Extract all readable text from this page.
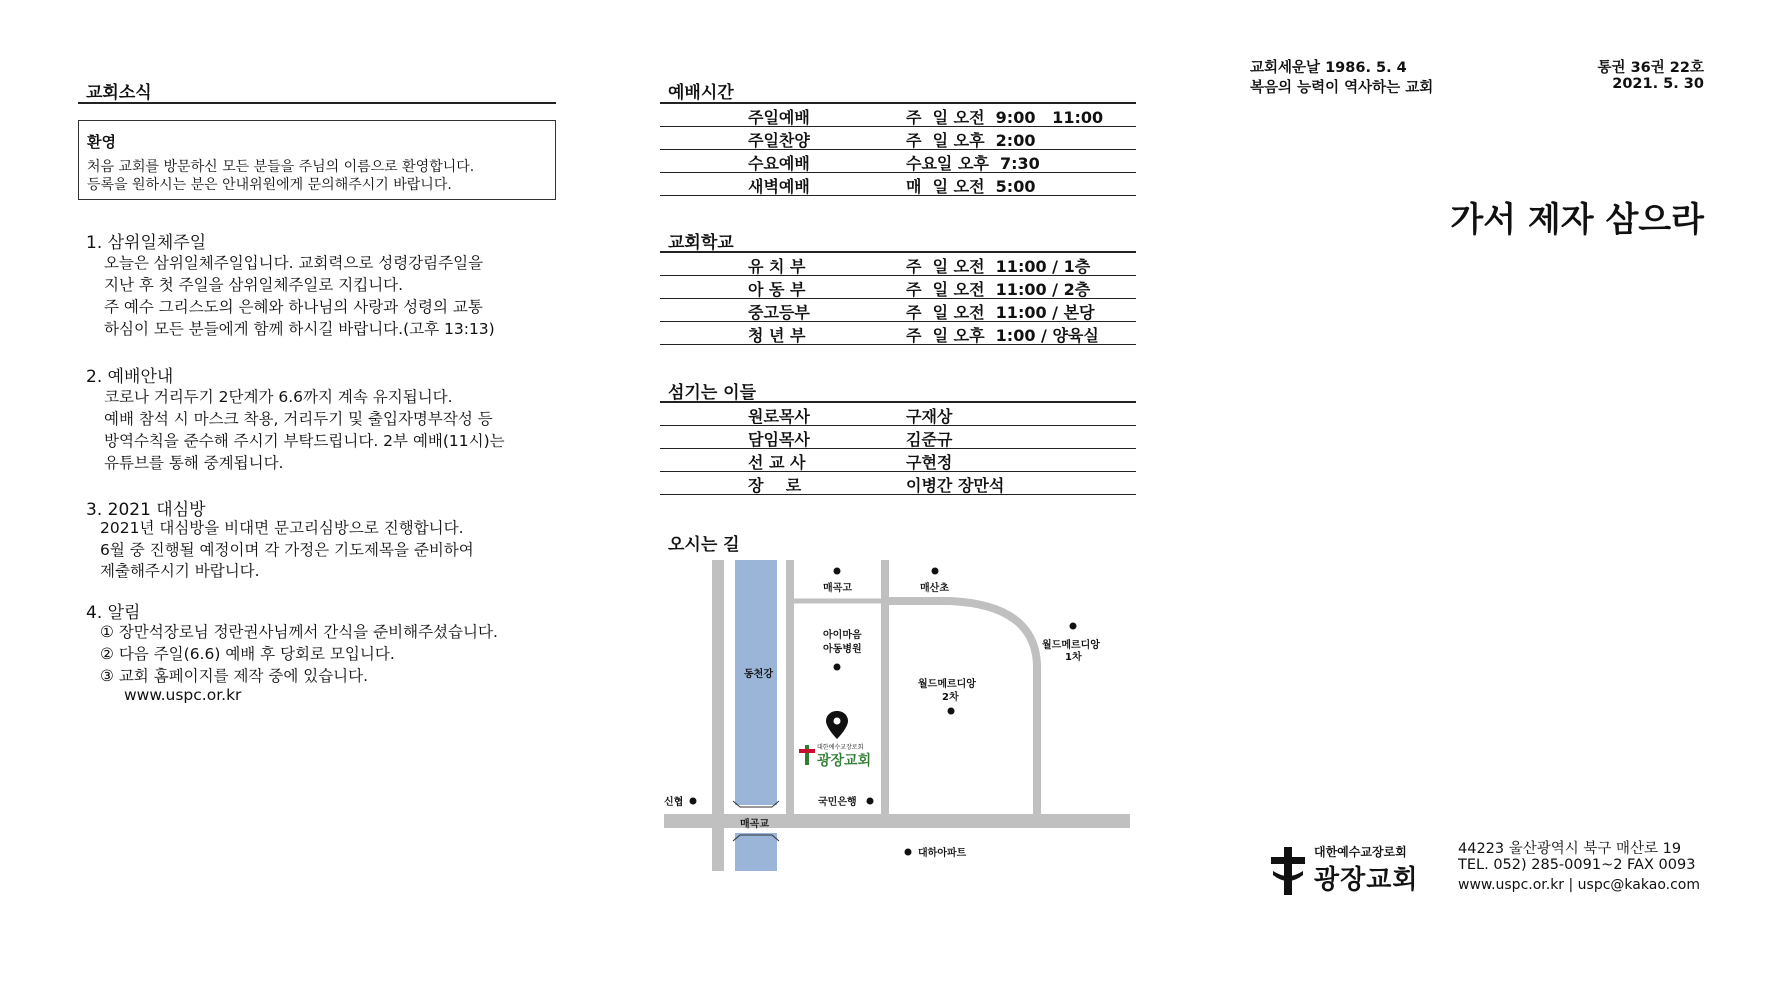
교회소식
환영
처음 교회를 방문하신 모든 분들을 주님의 이름으로 환영합니다.
등록을 원하시는 분은 안내위원에게 문의해주시기 바랍니다.
1. 삼위일체주일
오늘은 삼위일체주일입니다. 교회력으로 성령강림주일을
지난 후 첫 주일을 삼위일체주일로 지킵니다.
주 예수 그리스도의 은혜와 하나님의 사랑과 성령의 교통
하심이 모든 분들에게 함께 하시길 바랍니다.(고후 13:13)
2. 예배안내
코로나 거리두기 2단계가 6.6까지 계속 유지됩니다.
예배 참석 시 마스크 착용, 거리두기 및 출입자명부작성 등
방역수칙을 준수해 주시기 부탁드립니다. 2부 예배(11시)는
유튜브를 통해 중계됩니다.
3. 2021 대심방
2021년 대심방을 비대면 문고리심방으로 진행합니다.
6월 중 진행될 예정이며 각 가정은 기도제목을 준비하여
제출해주시기 바랍니다.
4. 알림
① 장만석장로님 정란권사님께서 간식을 준비해주셨습니다.
② 다음 주일(6.6) 예배 후 당회로 모입니다.
③ 교회 홈페이지를 제작 중에 있습니다.
www.uspc.or.kr
예배시간
주일예배	주  일 오전  9:00   11:00
주일찬양	주  일 오후  2:00
수요예배	수요일 오후  7:30
새벽예배	매  일 오전  5:00
교회학교
유 치 부	주  일 오전  11:00 / 1층
아 동 부	주  일 오전  11:00 / 2층
중고등부	주  일 오전  11:00 / 본당
청 년 부	주  일 오후  1:00 / 양육실
섬기는 이들
원로목사	구재상
담임목사	김준규
선 교 사	구현정
장    로	이병간 장만석
오시는 길
대한예수교장로회
광장교회
동천강
매곡고	매산초
월드메르디앙
1차
아이마음
아동병원
월드메르디앙
2차
신협	국민은행
매곡교
대하아파트
교회세운날 1986. 5. 4
복음의 능력이 역사하는 교회
통권 36권 22호
2021. 5. 30
가서 제자 삼으라
대한예수교장로회
광장교회
44223 울산광역시 북구 매산로 19
TEL. 052) 285-0091~2 FAX 0093
www.uspc.or.kr | uspc@kakao.com
